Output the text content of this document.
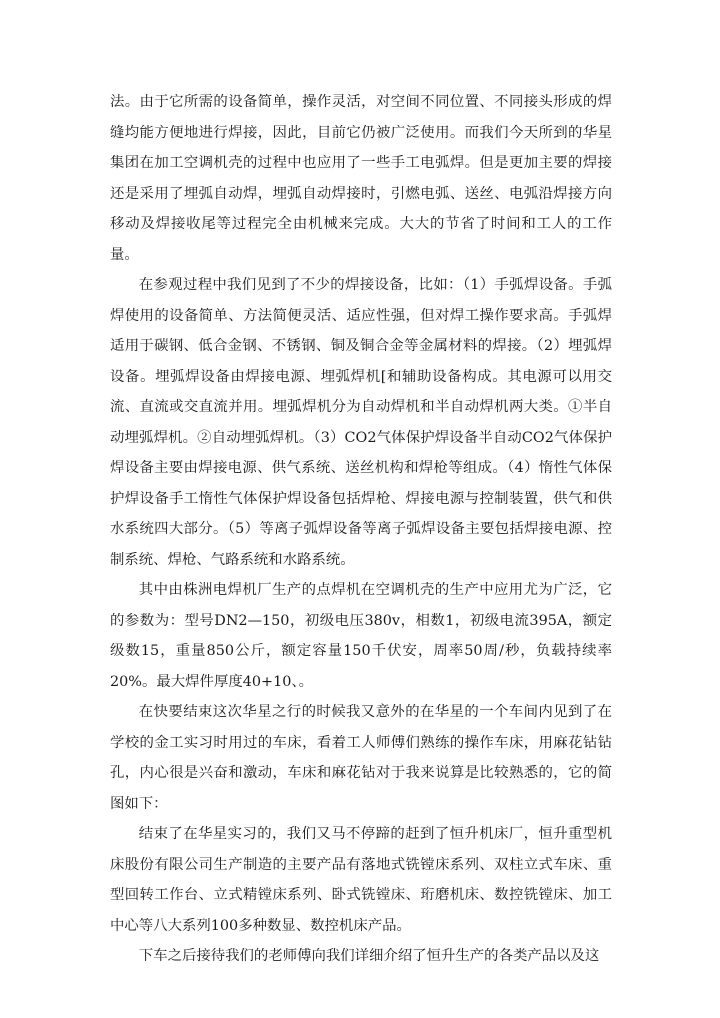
法。由于它所需的设备简单，操作灵活，对空间不同位置、不同接头形成的焊缝均能方便地进行焊接，因此，目前它仍被广泛使用。而我们今天所到的华星集团在加工空调机壳的过程中也应用了一些手工电弧焊。但是更加主要的焊接还是采用了埋弧自动焊，埋弧自动焊接时，引燃电弧、送丝、电弧沿焊接方向移动及焊接收尾等过程完全由机械来完成。大大的节省了时间和工人的工作量。

在参观过程中我们见到了不少的焊接设备，比如：（1）手弧焊设备。手弧焊使用的设备简单、方法简便灵活、适应性强，但对焊工操作要求高。手弧焊适用于碳钢、低合金钢、不锈钢、铜及铜合金等金属材料的焊接。（2）埋弧焊设备。埋弧焊设备由焊接电源、埋弧焊机[和辅助设备构成。其电源可以用交流、直流或交直流并用。埋弧焊机分为自动焊机和半自动焊机两大类。①半自动埋弧焊机。②自动埋弧焊机。（3）CO2气体保护焊设备半自动CO2气体保护焊设备主要由焊接电源、供气系统、送丝机构和焊枪等组成。（4）惰性气体保护焊设备手工惰性气体保护焊设备包括焊枪、焊接电源与控制装置，供气和供水系统四大部分。（5）等离子弧焊设备等离子弧焊设备主要包括焊接电源、控制系统、焊枪、气路系统和水路系统。

其中由株洲电焊机厂生产的点焊机在空调机壳的生产中应用尤为广泛，它的参数为：型号DN2—150，初级电压380v，相数1，初级电流395A，额定级数15，重量850公斤，额定容量150千伏安，周率50周/秒，负载持续率20%。最大焊件厚度40+10、。

在快要结束这次华星之行的时候我又意外的在华星的一个车间内见到了在学校的金工实习时用过的车床，看着工人师傅们熟练的操作车床，用麻花钻钻孔，内心很是兴奋和激动，车床和麻花钻对于我来说算是比较熟悉的，它的简图如下：

结束了在华星实习的，我们又马不停蹄的赶到了恒升机床厂，恒升重型机床股份有限公司生产制造的主要产品有落地式铣镗床系列、双柱立式车床、重型回转工作台、立式精镗床系列、卧式铣镗床、珩磨机床、数控铣镗床、加工中心等八大系列100多种数显、数控机床产品。

下车之后接待我们的老师傅向我们详细介绍了恒升生产的各类产品以及这
